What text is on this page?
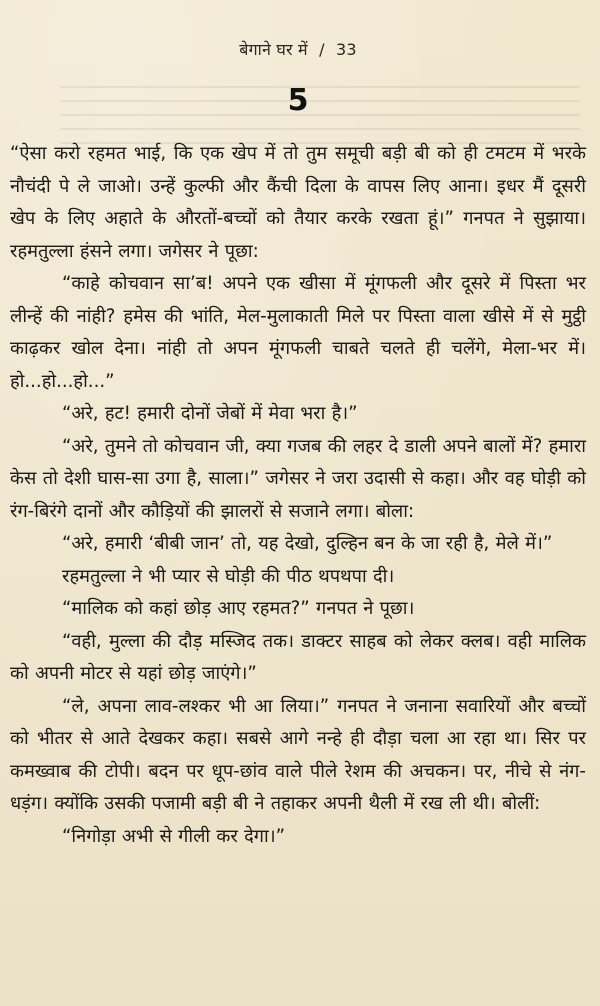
बेगाने घर में / 33
5

“ऐसा करो रहमत भाई, कि एक खेप में तो तुम समूची बड़ी बी को ही टमटम में भरके नौचंदी पे ले जाओ। उन्हें कुल्फी और कैंची दिला के वापस लिए आना। इधर मैं दूसरी खेप के लिए अहाते के औरतों-बच्चों को तैयार करके रखता हूं।” गनपत ने सुझाया। रहमतुल्ला हंसने लगा। जगेसर ने पूछा:

“काहे कोचवान सा’ब! अपने एक खीसा में मूंगफली और दूसरे में पिस्ता भर लीन्हें की नांही? हमेस की भांति, मेल-मुलाकाती मिले पर पिस्ता वाला खीसे में से मुट्ठी काढ़कर खोल देना। नांही तो अपन मूंगफली चाबते चलते ही चलेंगे, मेला-भर में। हो...हो...हो...”

“अरे, हट! हमारी दोनों जेबों में मेवा भरा है।”

“अरे, तुमने तो कोचवान जी, क्या गजब की लहर दे डाली अपने बालों में? हमारा केस तो देशी घास-सा उगा है, साला।” जगेसर ने जरा उदासी से कहा। और वह घोड़ी को रंग-बिरंगे दानों और कौड़ियों की झालरों से सजाने लगा। बोला:

“अरे, हमारी ‘बीबी जान’ तो, यह देखो, दुल्हिन बन के जा रही है, मेले में।”

रहमतुल्ला ने भी प्यार से घोड़ी की पीठ थपथपा दी।

“मालिक को कहां छोड़ आए रहमत?” गनपत ने पूछा।

“वही, मुल्ला की दौड़ मस्जिद तक। डाक्टर साहब को लेकर क्लब। वही मालिक को अपनी मोटर से यहां छोड़ जाएंगे।”

“ले, अपना लाव-लश्कर भी आ लिया।” गनपत ने जनाना सवारियों और बच्चों को भीतर से आते देखकर कहा। सबसे आगे नन्हे ही दौड़ा चला आ रहा था। सिर पर कमख्वाब की टोपी। बदन पर धूप-छांव वाले पीले रेशम की अचकन। पर, नीचे से नंग-धड़ंग। क्योंकि उसकी पजामी बड़ी बी ने तहाकर अपनी थैली में रख ली थी। बोलीं:

“निगोड़ा अभी से गीली कर देगा।”
